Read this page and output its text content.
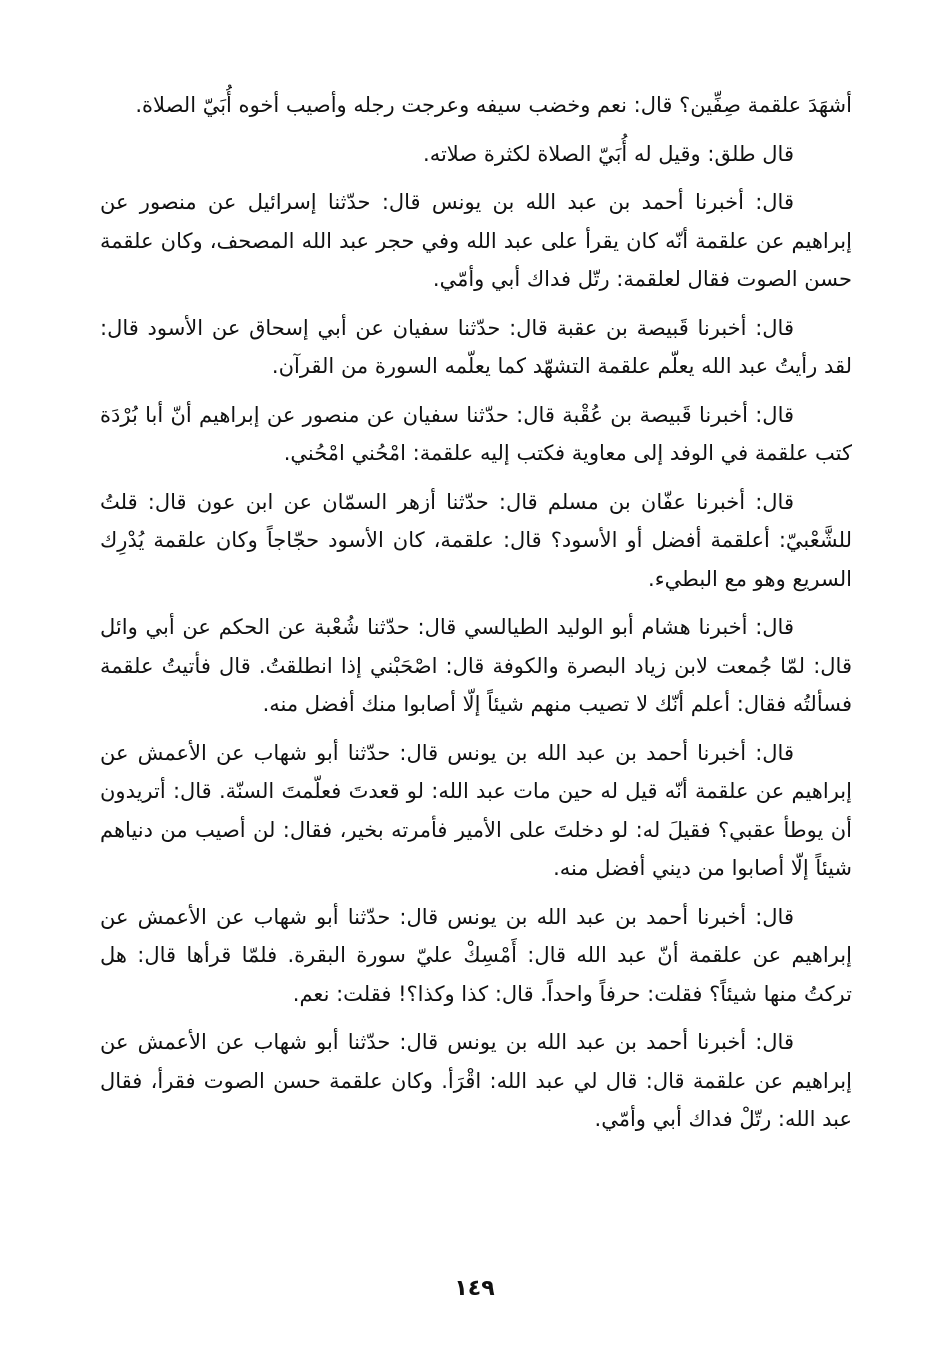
أشهَدَ علقمة صِفِّين؟ قال: نعم وخضب سيفه وعرجت رجله وأصيب أخوه أُبَيّ الصلاة.

قال طلق: وقيل له أُبَيّ الصلاة لكثرة صلاته.

قال: أخبرنا أحمد بن عبد الله بن يونس قال: حدّثنا إسرائيل عن منصور عن إبراهيم عن علقمة أنّه كان يقرأ على عبد الله وفي حجر عبد الله المصحف، وكان علقمة حسن الصوت فقال لعلقمة: رتّل فداك أبي وأمّي.

قال: أخبرنا قَبيصة بن عقبة قال: حدّثنا سفيان عن أبي إسحاق عن الأسود قال: لقد رأيتُ عبد الله يعلّم علقمة التشهّد كما يعلّمه السورة من القرآن.

قال: أخبرنا قَبيصة بن عُقْبة قال: حدّثنا سفيان عن منصور عن إبراهيم أنّ أبا بُرْدَة كتب علقمة في الوفد إلى معاوية فكتب إليه علقمة: امْحُني امْحُني.

قال: أخبرنا عفّان بن مسلم قال: حدّثنا أزهر السمّان عن ابن عون قال: قلتُ للشَّعْبيّ: أعلقمة أفضل أو الأسود؟ قال: علقمة، كان الأسود حجّاجاً وكان علقمة يُدْرِك السريع وهو مع البطيء.

قال: أخبرنا هشام أبو الوليد الطيالسي قال: حدّثنا شُعْبة عن الحكم عن أبي وائل قال: لمّا جُمعت لابن زياد البصرة والكوفة قال: اصْحَبْني إذا انطلقتُ. قال فأتيتُ علقمة فسألتُه فقال: أعلم أنّك لا تصيب منهم شيئاً إلّا أصابوا منك أفضل منه.

قال: أخبرنا أحمد بن عبد الله بن يونس قال: حدّثنا أبو شهاب عن الأعمش عن إبراهيم عن علقمة أنّه قيل له حين مات عبد الله: لو قعدتَ فعلّمتَ السنّة. قال: أتريدون أن يوطأ عقبي؟ فقيلَ له: لو دخلتَ على الأمير فأمرته بخير، فقال: لن أصيب من دنياهم شيئاً إلّا أصابوا من ديني أفضل منه.

قال: أخبرنا أحمد بن عبد الله بن يونس قال: حدّثنا أبو شهاب عن الأعمش عن إبراهيم عن علقمة أنّ عبد الله قال: أَمْسِكْ عليّ سورة البقرة. فلمّا قرأها قال: هل تركتُ منها شيئاً؟ فقلت: حرفاً واحداً. قال: كذا وكذا؟! فقلت: نعم.

قال: أخبرنا أحمد بن عبد الله بن يونس قال: حدّثنا أبو شهاب عن الأعمش عن إبراهيم عن علقمة قال: قال لي عبد الله: اقْرَأ. وكان علقمة حسن الصوت فقرأ، فقال عبد الله: رتّلْ فداك أبي وأمّي.

١٤٩
